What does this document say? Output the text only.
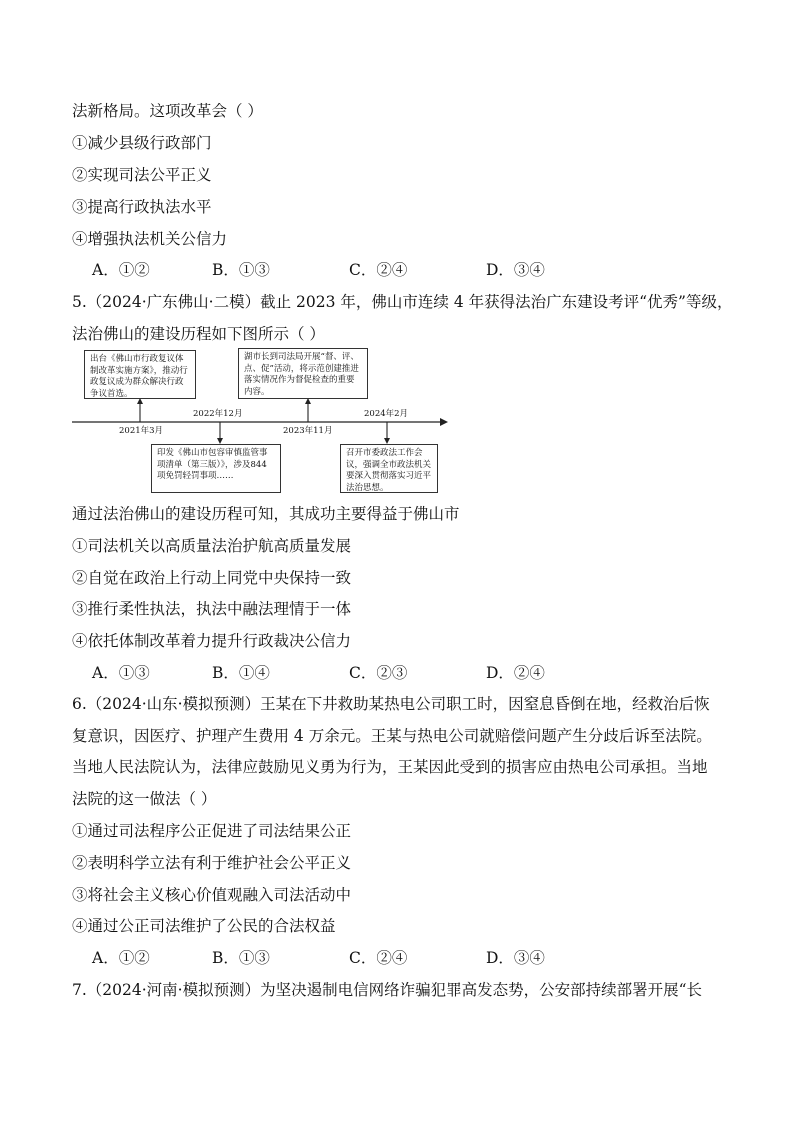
法新格局。这项改革会（ ）
①减少县级行政部门
②实现司法公平正义
③提高行政执法水平
④增强执法机关公信力
A．①②	B．①③	C．②④	D．③④
5.（2024·广东佛山·二模）截止 2023 年，佛山市连续 4 年获得法治广东建设考评“优秀”等级，
法治佛山的建设历程如下图所示（ ）
出台《佛山市行政复议体制改革实施方案》，推动行政复议成为群众解决行政争议首选。
印发《佛山市包容审慎监管事项清单（第三版）》，涉及844项免罚轻罚事项……
湖市长到司法局开展“督、评、点、促”活动，将示范创建推进落实情况作为督促检查的重要内容。
召开市委政法工作会议，强调全市政法机关要深入贯彻落实习近平法治思想。
2021年3月
2022年12月
2023年11月
2024年2月
通过法治佛山的建设历程可知，其成功主要得益于佛山市
①司法机关以高质量法治护航高质量发展
②自觉在政治上行动上同党中央保持一致
③推行柔性执法，执法中融法理情于一体
④依托体制改革着力提升行政裁决公信力
A．①③	B．①④	C．②③	D．②④
6.（2024·山东·模拟预测）王某在下井救助某热电公司职工时，因窒息昏倒在地，经救治后恢
复意识，因医疗、护理产生费用 4 万余元。王某与热电公司就赔偿问题产生分歧后诉至法院。
当地人民法院认为，法律应鼓励见义勇为行为，王某因此受到的损害应由热电公司承担。当地
法院的这一做法（ ）
①通过司法程序公正促进了司法结果公正
②表明科学立法有利于维护社会公平正义
③将社会主义核心价值观融入司法活动中
④通过公正司法维护了公民的合法权益
A．①②	B．①③	C．②④	D．③④
7.（2024·河南·模拟预测）为坚决遏制电信网络诈骗犯罪高发态势，公安部持续部署开展“长
